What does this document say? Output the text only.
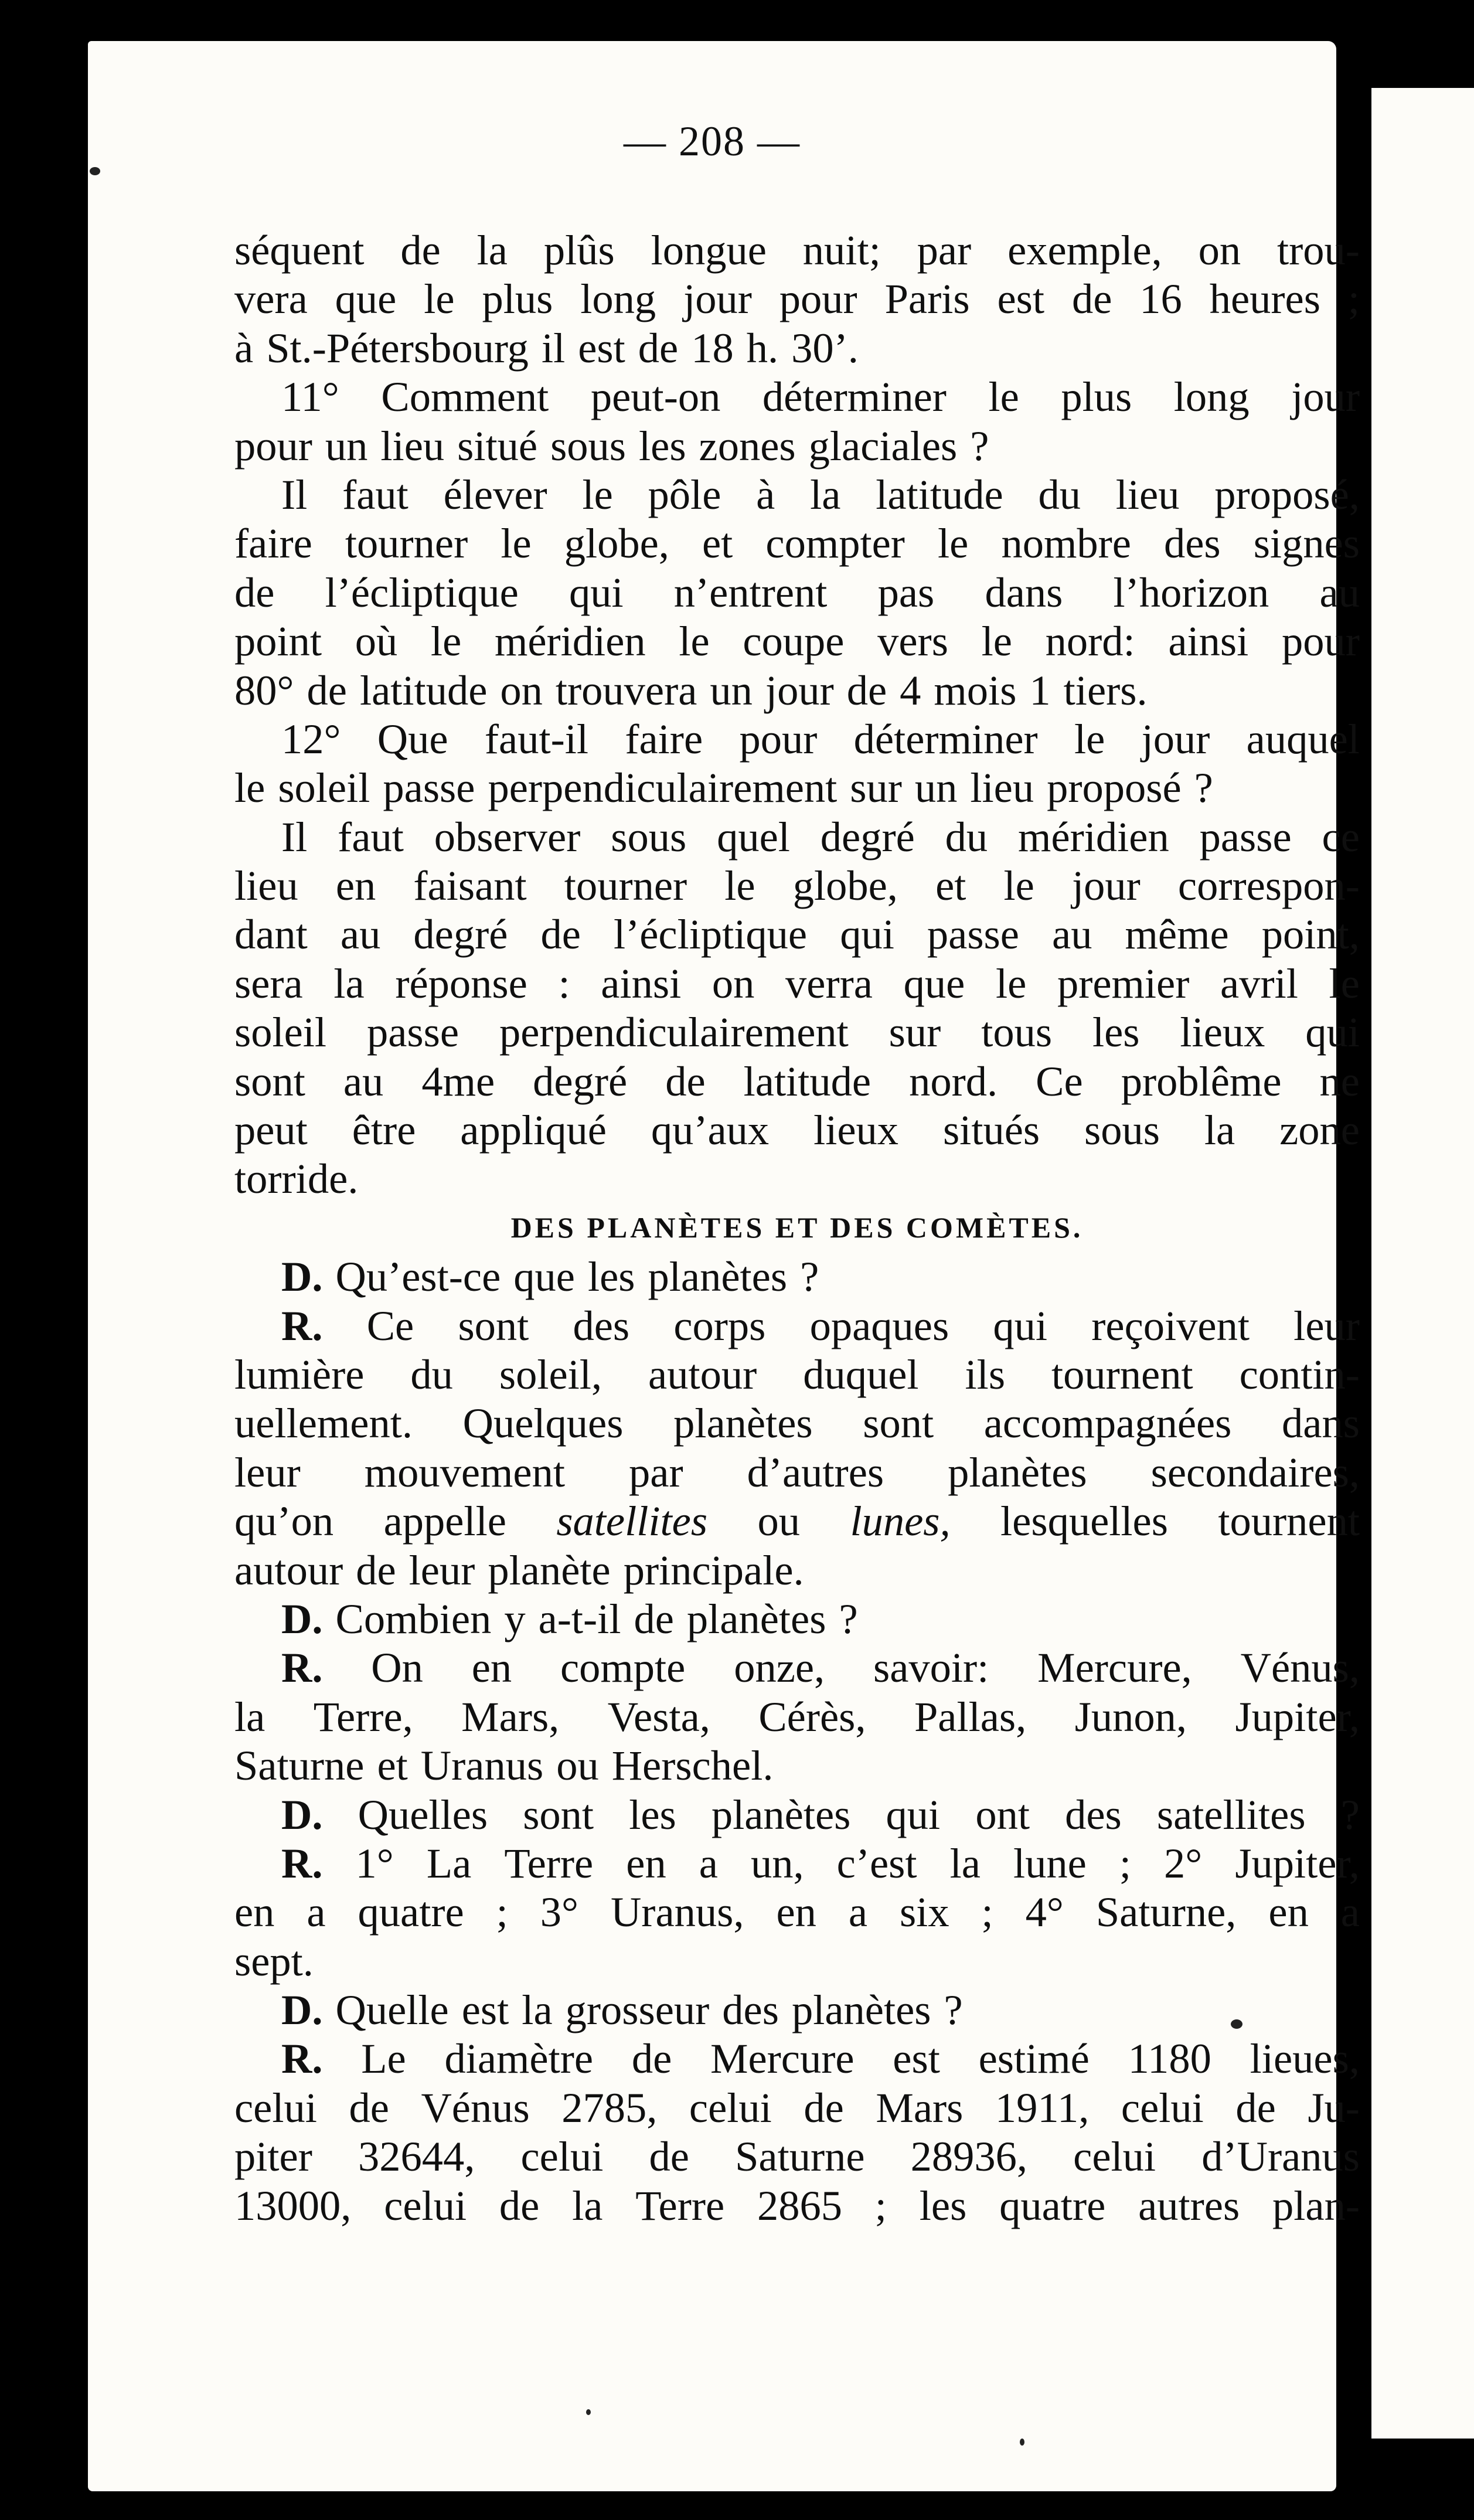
— 208 —
séquent de la plûs longue nuit; par exemple, on trou-
vera que le plus long jour pour Paris est de 16 heures ;
à St.-Pétersbourg il est de 18 h. 30’.
11° Comment peut-on déterminer le plus long jour
pour un lieu situé sous les zones glaciales ?
Il faut élever le pôle à la latitude du lieu proposé,
faire tourner le globe, et compter le nombre des signes
de l’écliptique qui n’entrent pas dans l’horizon au
point où le méridien le coupe vers le nord: ainsi pour
80° de latitude on trouvera un jour de 4 mois 1 tiers.
12° Que faut-il faire pour déterminer le jour auquel
le soleil passe perpendiculairement sur un lieu proposé ?
Il faut observer sous quel degré du méridien passe ce
lieu en faisant tourner le globe, et le jour correspon-
dant au degré de l’écliptique qui passe au même point,
sera la réponse : ainsi on verra que le premier avril le
soleil passe perpendiculairement sur tous les lieux qui
sont au 4me degré de latitude nord. Ce problême ne
peut être appliqué qu’aux lieux situés sous la zone
torride.
DES PLANÈTES ET DES COMÈTES.
D. Qu’est-ce que les planètes ?
R. Ce sont des corps opaques qui reçoivent leur
lumière du soleil, autour duquel ils tournent contin-
uellement. Quelques planètes sont accompagnées dans
leur mouvement par d’autres planètes secondaires,
qu’on appelle satellites ou lunes, lesquelles tournent
autour de leur planète principale.
D. Combien y a-t-il de planètes ?
R. On en compte onze, savoir: Mercure, Vénus,
la Terre, Mars, Vesta, Cérès, Pallas, Junon, Jupiter,
Saturne et Uranus ou Herschel.
D. Quelles sont les planètes qui ont des satellites ?
R. 1° La Terre en a un, c’est la lune ; 2° Jupiter,
en a quatre ; 3° Uranus, en a six ; 4° Saturne, en a
sept.
D. Quelle est la grosseur des planètes ?
R. Le diamètre de Mercure est estimé 1180 lieues,
celui de Vénus 2785, celui de Mars 1911, celui de Ju-
piter 32644, celui de Saturne 28936, celui d’Uranus
13000, celui de la Terre 2865 ; les quatre autres plan-
